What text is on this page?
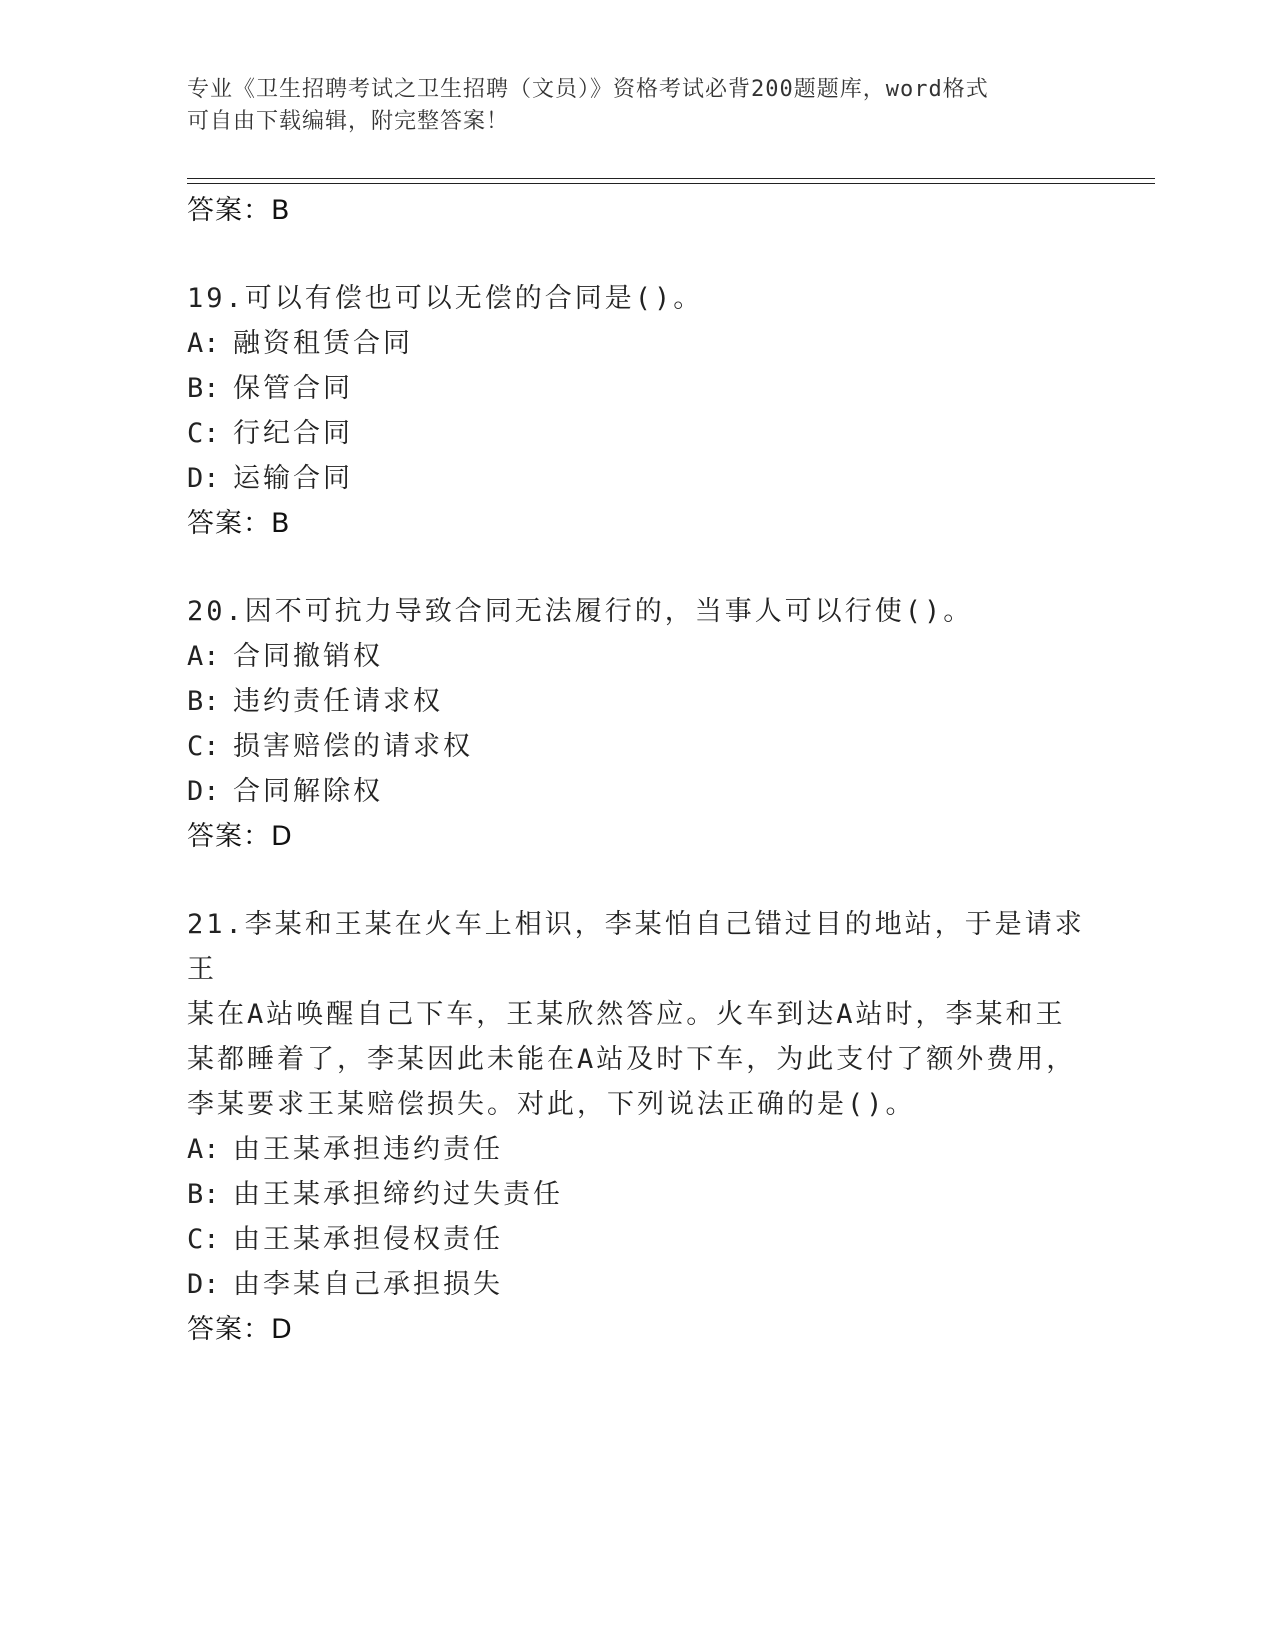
专业《卫生招聘考试之卫生招聘（文员）》资格考试必背200题题库，word格式
可自由下载编辑，附完整答案！
答案：B
19.可以有偿也可以无偿的合同是()。
A: 融资租赁合同
B: 保管合同
C: 行纪合同
D: 运输合同
答案：B
20.因不可抗力导致合同无法履行的，当事人可以行使()。
A: 合同撤销权
B: 违约责任请求权
C: 损害赔偿的请求权
D: 合同解除权
答案：D
21.李某和王某在火车上相识，李某怕自己错过目的地站，于是请求王
某在A站唤醒自己下车，王某欣然答应。火车到达A站时，李某和王
某都睡着了，李某因此未能在A站及时下车，为此支付了额外费用，
李某要求王某赔偿损失。对此，下列说法正确的是()。
A: 由王某承担违约责任
B: 由王某承担缔约过失责任
C: 由王某承担侵权责任
D: 由李某自己承担损失
答案：D
